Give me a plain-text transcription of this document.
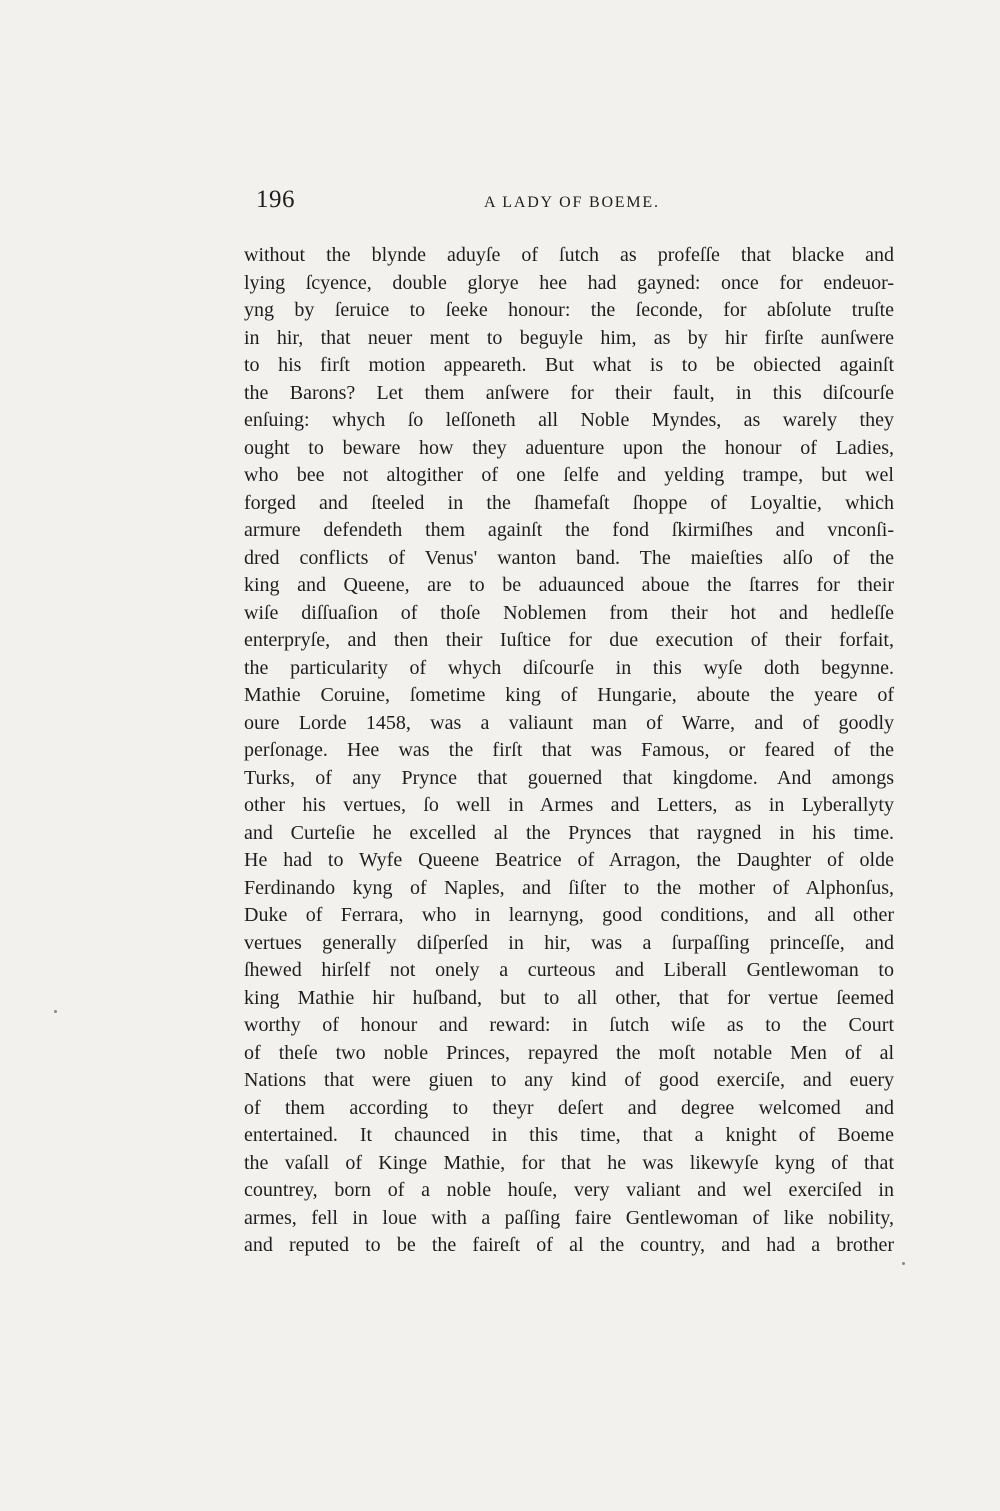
196	A LADY OF BOEME.
without the blynde aduyſe of ſutch as profeſſe that blacke and
lying ſcyence, double glorye hee had gayned: once for endeuor-
yng by ſeruice to ſeeke honour: the ſeconde, for abſolute truſte
in hir, that neuer ment to beguyle him, as by hir firſte aunſwere
to his firſt motion appeareth. But what is to be obiected againſt
the Barons? Let them anſwere for their fault, in this diſcourſe
enſuing: whych ſo leſſoneth all Noble Myndes, as warely they
ought to beware how they aduenture upon the honour of Ladies,
who bee not altogither of one ſelfe and yelding trampe, but wel
forged and ſteeled in the ſhamefaſt ſhoppe of Loyaltie, which
armure defendeth them againſt the fond ſkirmiſhes and vnconſi-
dred conflicts of Venus' wanton band. The maieſties alſo of the
king and Queene, are to be aduaunced aboue the ſtarres for their
wiſe diſſuaſion of thoſe Noblemen from their hot and hedleſſe
enterpryſe, and then their Iuſtice for due execution of their forfait,
the particularity of whych diſcourſe in this wyſe doth begynne.
Mathie Coruine, ſometime king of Hungarie, aboute the yeare of
oure Lorde 1458, was a valiaunt man of Warre, and of goodly
perſonage. Hee was the firſt that was Famous, or feared of the
Turks, of any Prynce that gouerned that kingdome. And amongs
other his vertues, ſo well in Armes and Letters, as in Lyberallyty
and Curteſie he excelled al the Prynces that raygned in his time.
He had to Wyfe Queene Beatrice of Arragon, the Daughter of olde
Ferdinando kyng of Naples, and ſiſter to the mother of Alphonſus,
Duke of Ferrara, who in learnyng, good conditions, and all other
vertues generally diſperſed in hir, was a ſurpaſſing princeſſe, and
ſhewed hirſelf not onely a curteous and Liberall Gentlewoman to
king Mathie hir huſband, but to all other, that for vertue ſeemed
worthy of honour and reward: in ſutch wiſe as to the Court
of theſe two noble Princes, repayred the moſt notable Men of al
Nations that were giuen to any kind of good exerciſe, and euery
of them according to theyr deſert and degree welcomed and
entertained. It chaunced in this time, that a knight of Boeme
the vaſall of Kinge Mathie, for that he was likewyſe kyng of that
countrey, born of a noble houſe, very valiant and wel exerciſed in
armes, fell in loue with a paſſing faire Gentlewoman of like nobility,
and reputed to be the faireſt of al the country, and had a brother
